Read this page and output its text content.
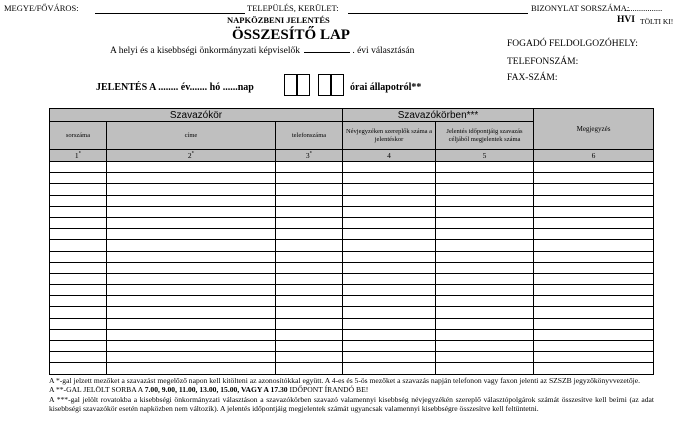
MEGYE/FŐVÁROS:	TELEPÜLÉS, KERÜLET:	BIZONYLAT SORSZÁMA:
..................
HVI TÖLTI KI!
NAPKÖZBENI JELENTÉS
ÖSSZESÍTŐ LAP
A helyi és a kisebbségi önkormányzati képviselők	. évi választásán
FOGADÓ FELDOLGOZÓHELY:
TELEFONSZÁM:
FAX-SZÁM:
JELENTÉS A ........ év....... hó ......nap	órai állapotról**
Szavazókör			Szavazókörben***		Megjegyzés
sorszáma	címe	telefonszáma	Névjegyzéken szereplők száma a jelentéskor	Jelentés időpontjáig szavazás céljából megjelentek száma	
1*	2*	3*	4	5	6

A *-gal jelzett mezőket a szavazást megelőző napon kell kitölteni az azonosítókkal együtt. A 4-es és 5-ös mezőket a szavazás napján telefonon vagy faxon jelenti az SZSZB jegyzőkönyvvezetője.

A **-GAL JELÖLT SORBA A 7.00, 9.00, 11.00, 13.00, 15.00, VAGY A 17.30 IDŐPONT ÍRANDÓ BE!

A ***-gal jelölt rovatokba a kisebbségi önkormányzati választáson a szavazókörben szavazó valamennyi kisebbség névjegyzékén szereplő választópolgárok számát összesítve kell beírni (az adat kisebbségi szavazókör esetén napközben nem változik). A jelentés időpontjáig megjelentek számát ugyancsak valamennyi kisebbségre összesítve kell feltüntetni.
